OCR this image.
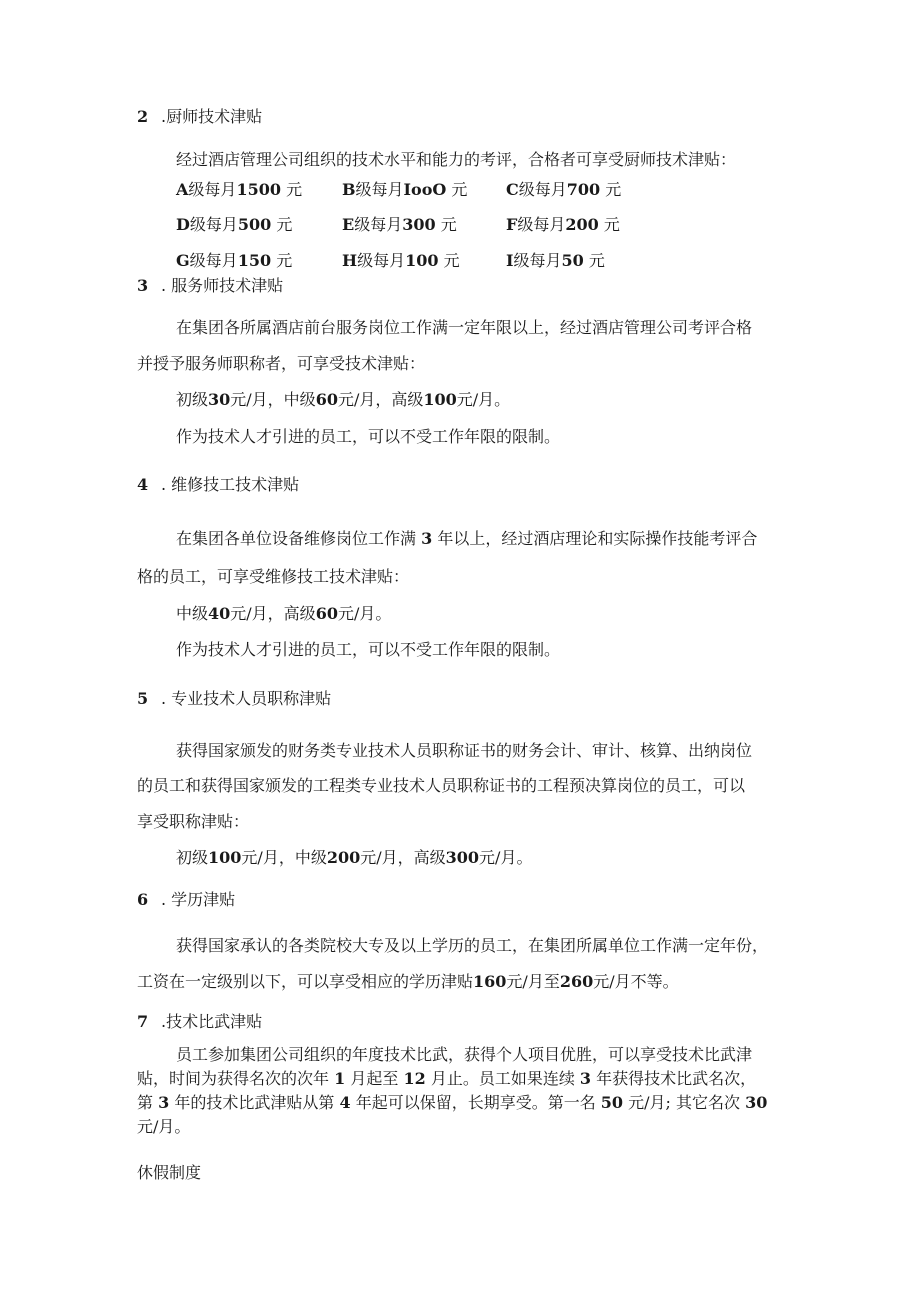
2 .厨师技术津贴
经过酒店管理公司组织的技术水平和能力的考评，合格者可享受厨师技术津贴：
A级每月1500 元 B级每月IooO 元 C级每月700 元
D级每月500 元	E级每月300 元	F级每月200 元
G级每月150 元	H级每月100 元	I级每月50 元
3 . 服务师技术津贴
在集团各所属酒店前台服务岗位工作满一定年限以上，经过酒店管理公司考评合格
并授予服务师职称者，可享受技术津贴：
初级30元/月，中级60元/月，高级100元/月。
作为技术人才引进的员工，可以不受工作年限的限制。
4 . 维修技工技术津贴
在集团各单位设备维修岗位工作满 3 年以上，经过酒店理论和实际操作技能考评合
格的员工，可享受维修技工技术津贴：
中级40元/月，高级60元/月。
作为技术人才引进的员工，可以不受工作年限的限制。
5 . 专业技术人员职称津贴
获得国家颁发的财务类专业技术人员职称证书的财务会计、审计、核算、出纳岗位
的员工和获得国家颁发的工程类专业技术人员职称证书的工程预决算岗位的员工，可以
享受职称津贴：
初级100元/月，中级200元/月，高级300元/月。
6 . 学历津贴
获得国家承认的各类院校大专及以上学历的员工，在集团所属单位工作满一定年份，
工资在一定级别以下，可以享受相应的学历津贴160元/月至260元/月不等。
7 .技术比武津贴
员工参加集团公司组织的年度技术比武，获得个人项目优胜，可以享受技术比武津
贴，时间为获得名次的次年 1 月起至 12 月止。员工如果连续 3 年获得技术比武名次，
第 3 年的技术比武津贴从第 4 年起可以保留，长期享受。第一名 50 元/月; 其它名次 30
元/月。
休假制度
